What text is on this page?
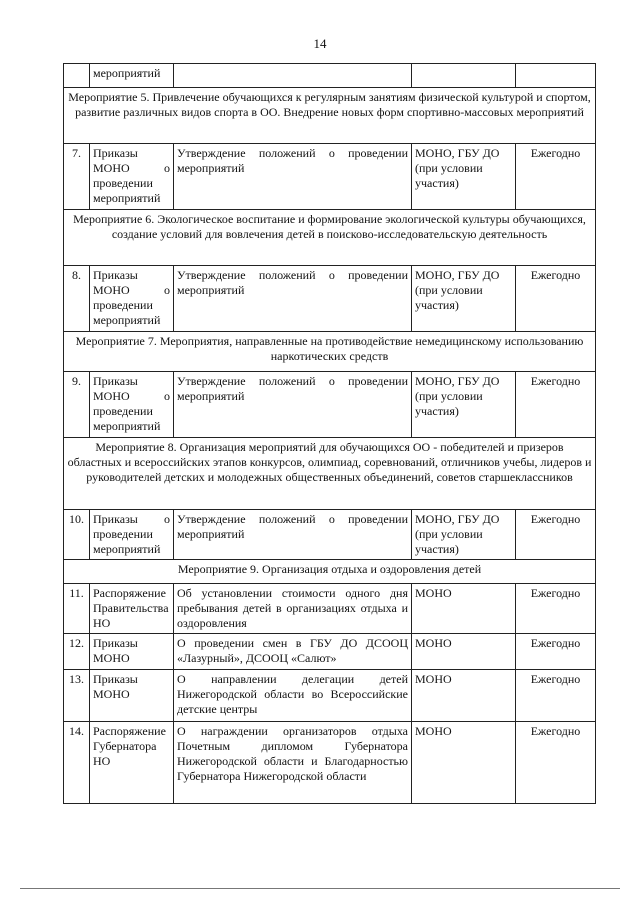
14
	мероприятий			
Мероприятие 5. Привлечение обучающихся к регулярным занятиям физической культурой и спортом, развитие различных видов спорта в ОО. Внедрение новых форм спортивно-массовых мероприятий				
7.	Приказы МОНО о проведении мероприятий	Утверждение положений о проведении мероприятий	МОНО, ГБУ ДО (при условии участия)	Ежегодно
Мероприятие 6. Экологическое воспитание и формирование экологической культуры обучающихся, создание условий для вовлечения детей в поисково-исследовательскую деятельность				
8.	Приказы МОНО о проведении мероприятий	Утверждение положений о проведении мероприятий	МОНО, ГБУ ДО (при условии участия)	Ежегодно
Мероприятие 7. Мероприятия, направленные на противодействие немедицинскому использованию наркотических средств				
9.	Приказы МОНО о проведении мероприятий	Утверждение положений о проведении мероприятий	МОНО, ГБУ ДО (при условии участия)	Ежегодно
Мероприятие 8. Организация мероприятий для обучающихся ОО - победителей и призеров областных и всероссийских этапов конкурсов, олимпиад, соревнований, отличников учебы, лидеров и руководителей детских и молодежных общественных объединений, советов старшеклассников				
10.	Приказы о проведении мероприятий	Утверждение положений о проведении мероприятий	МОНО, ГБУ ДО (при условии участия)	Ежегодно
Мероприятие 9. Организация отдыха и оздоровления детей				
11.	Распоряжение Правительства НО	Об установлении стоимости одного дня пребывания детей в организациях отдыха и оздоровления	МОНО	Ежегодно
12.	Приказы МОНО	О проведении смен в ГБУ ДО ДСООЦ «Лазурный», ДСООЦ «Салют»	МОНО	Ежегодно
13.	Приказы МОНО	О направлении делегации детей Нижегородской области во Всероссийские детские центры	МОНО	Ежегодно
14.	Распоряжение Губернатора НО	О награждении организаторов отдыха Почетным дипломом Губернатора Нижегородской области и Благодарностью Губернатора Нижегородской области	МОНО	Ежегодно
